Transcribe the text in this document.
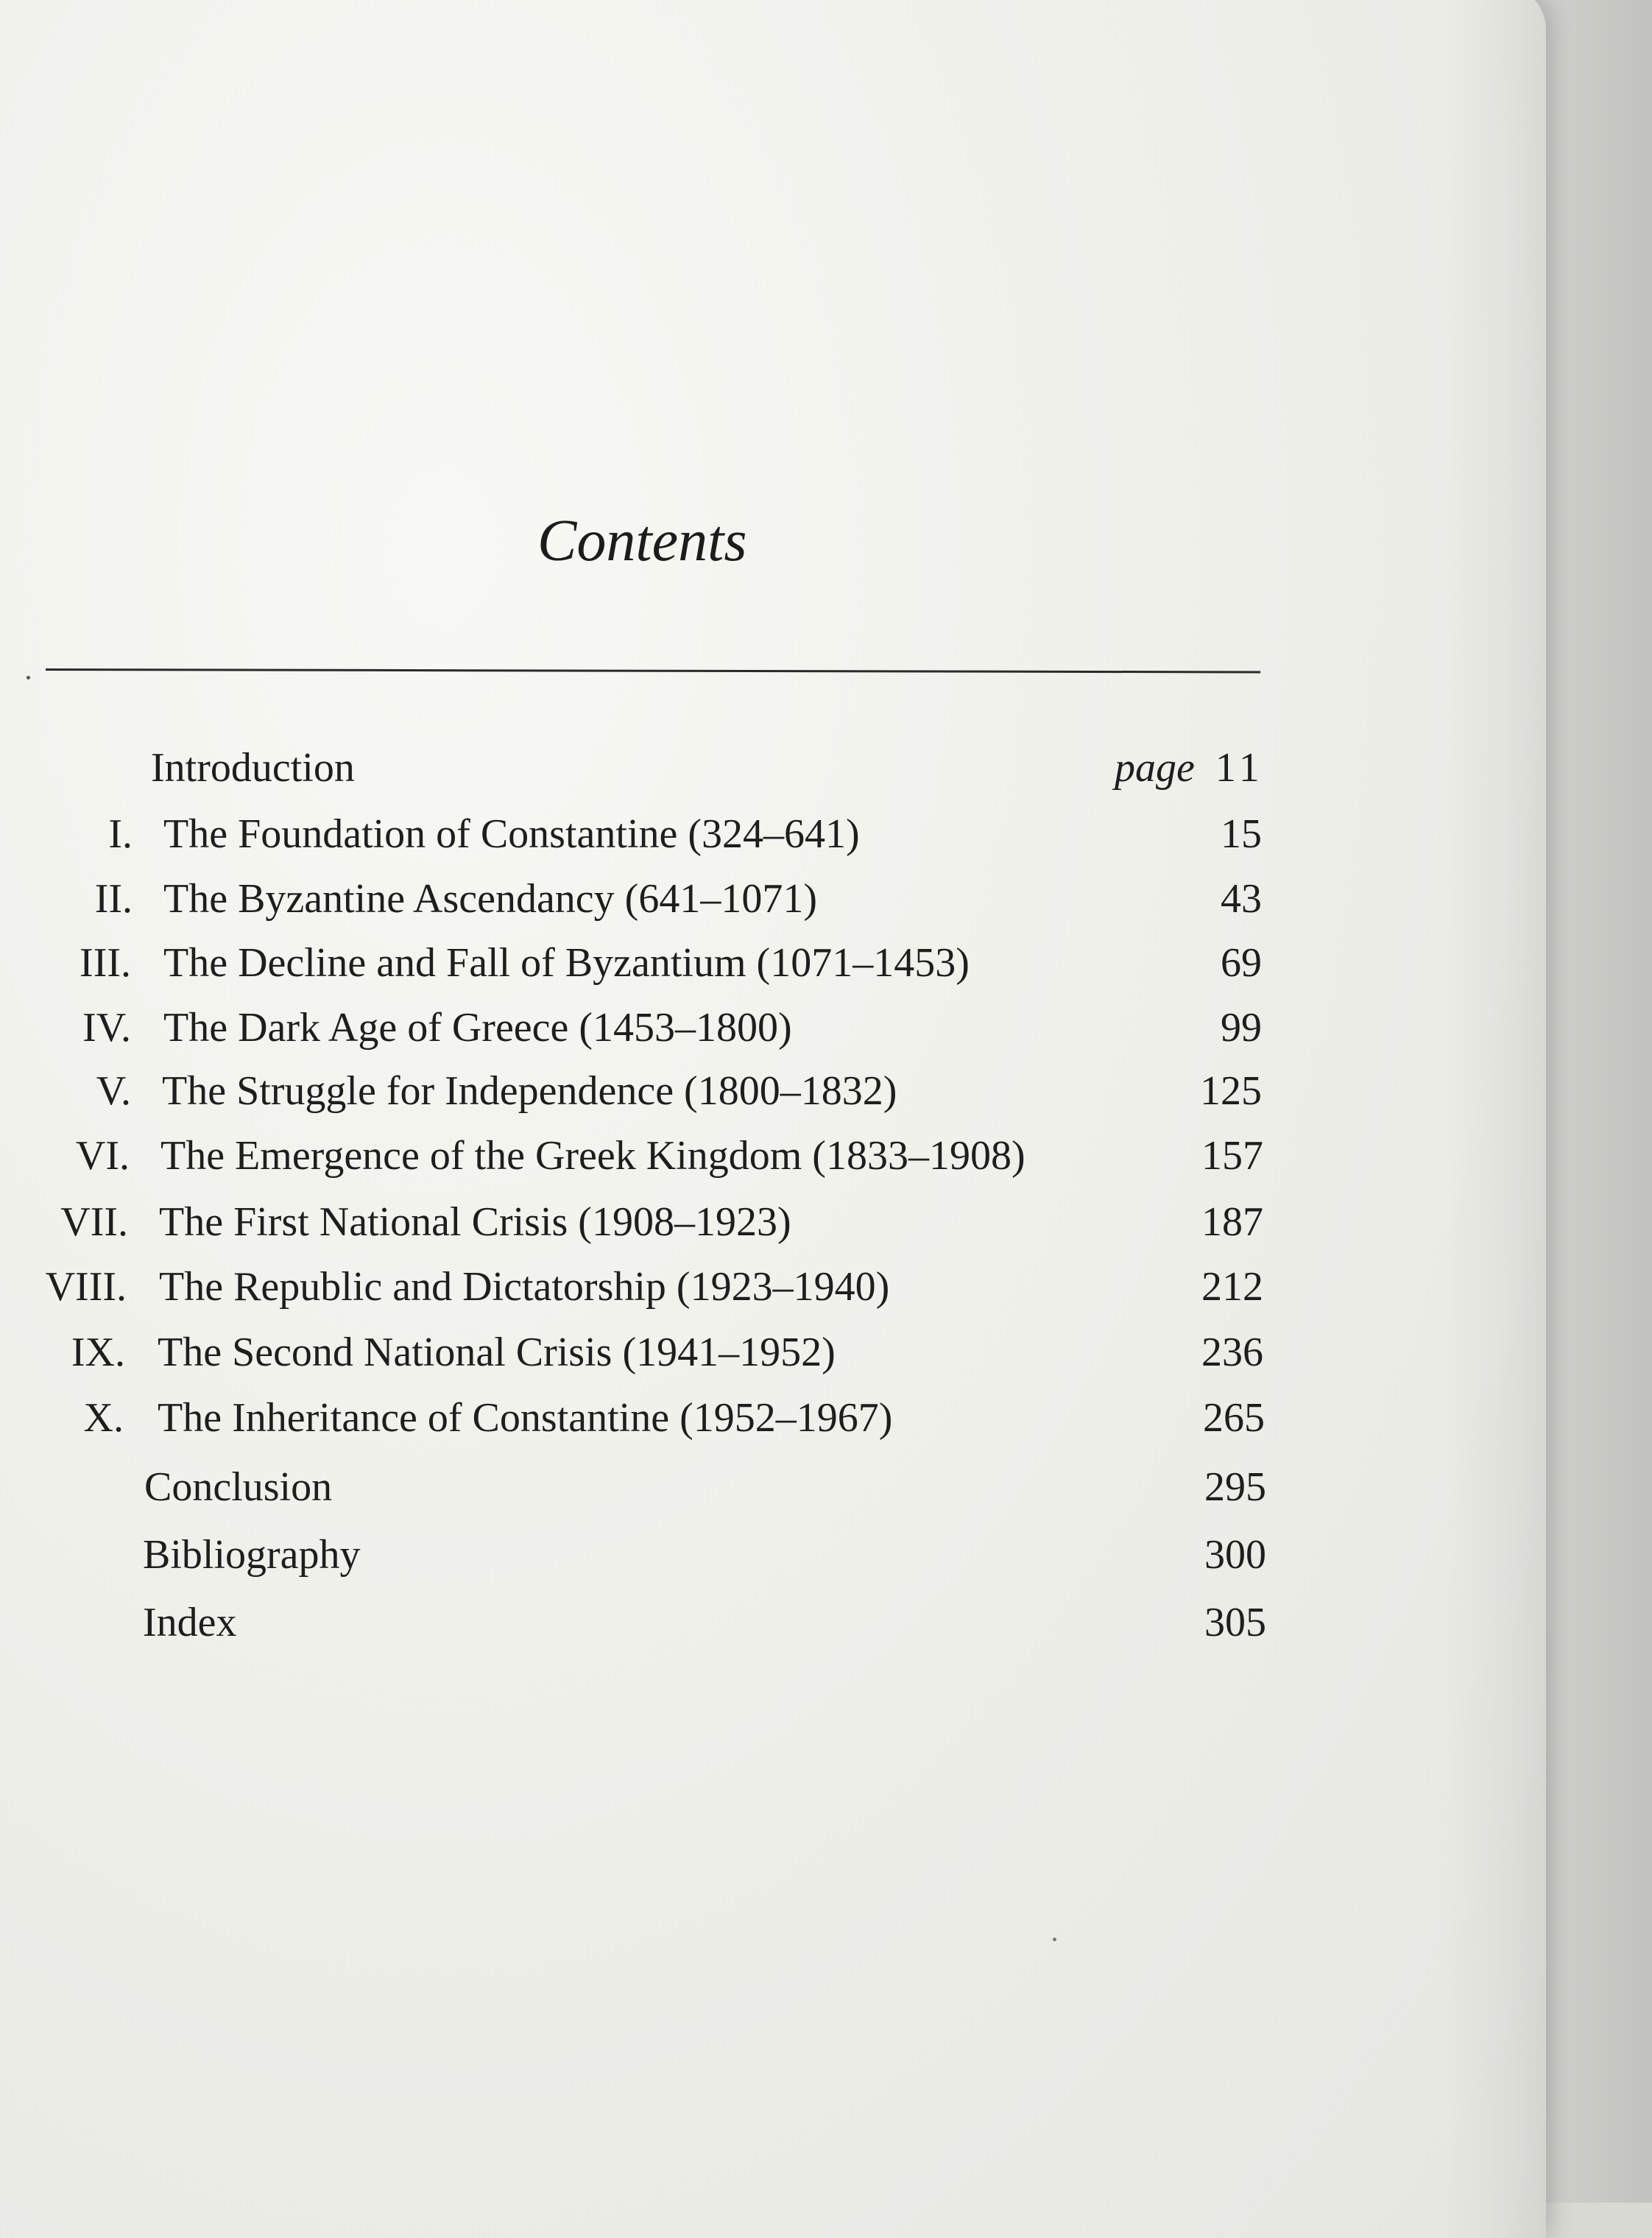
Contents
Introduction	page 11
I. The Foundation of Constantine (324–641)	15
II. The Byzantine Ascendancy (641–1071)	43
III. The Decline and Fall of Byzantium (1071–1453)	69
IV. The Dark Age of Greece (1453–1800)	99
V. The Struggle for Independence (1800–1832)	125
VI. The Emergence of the Greek Kingdom (1833–1908)	157
VII. The First National Crisis (1908–1923)	187
VIII. The Republic and Dictatorship (1923–1940)	212
IX. The Second National Crisis (1941–1952)	236
X. The Inheritance of Constantine (1952–1967)	265
Conclusion	295
Bibliography	300
Index	305
